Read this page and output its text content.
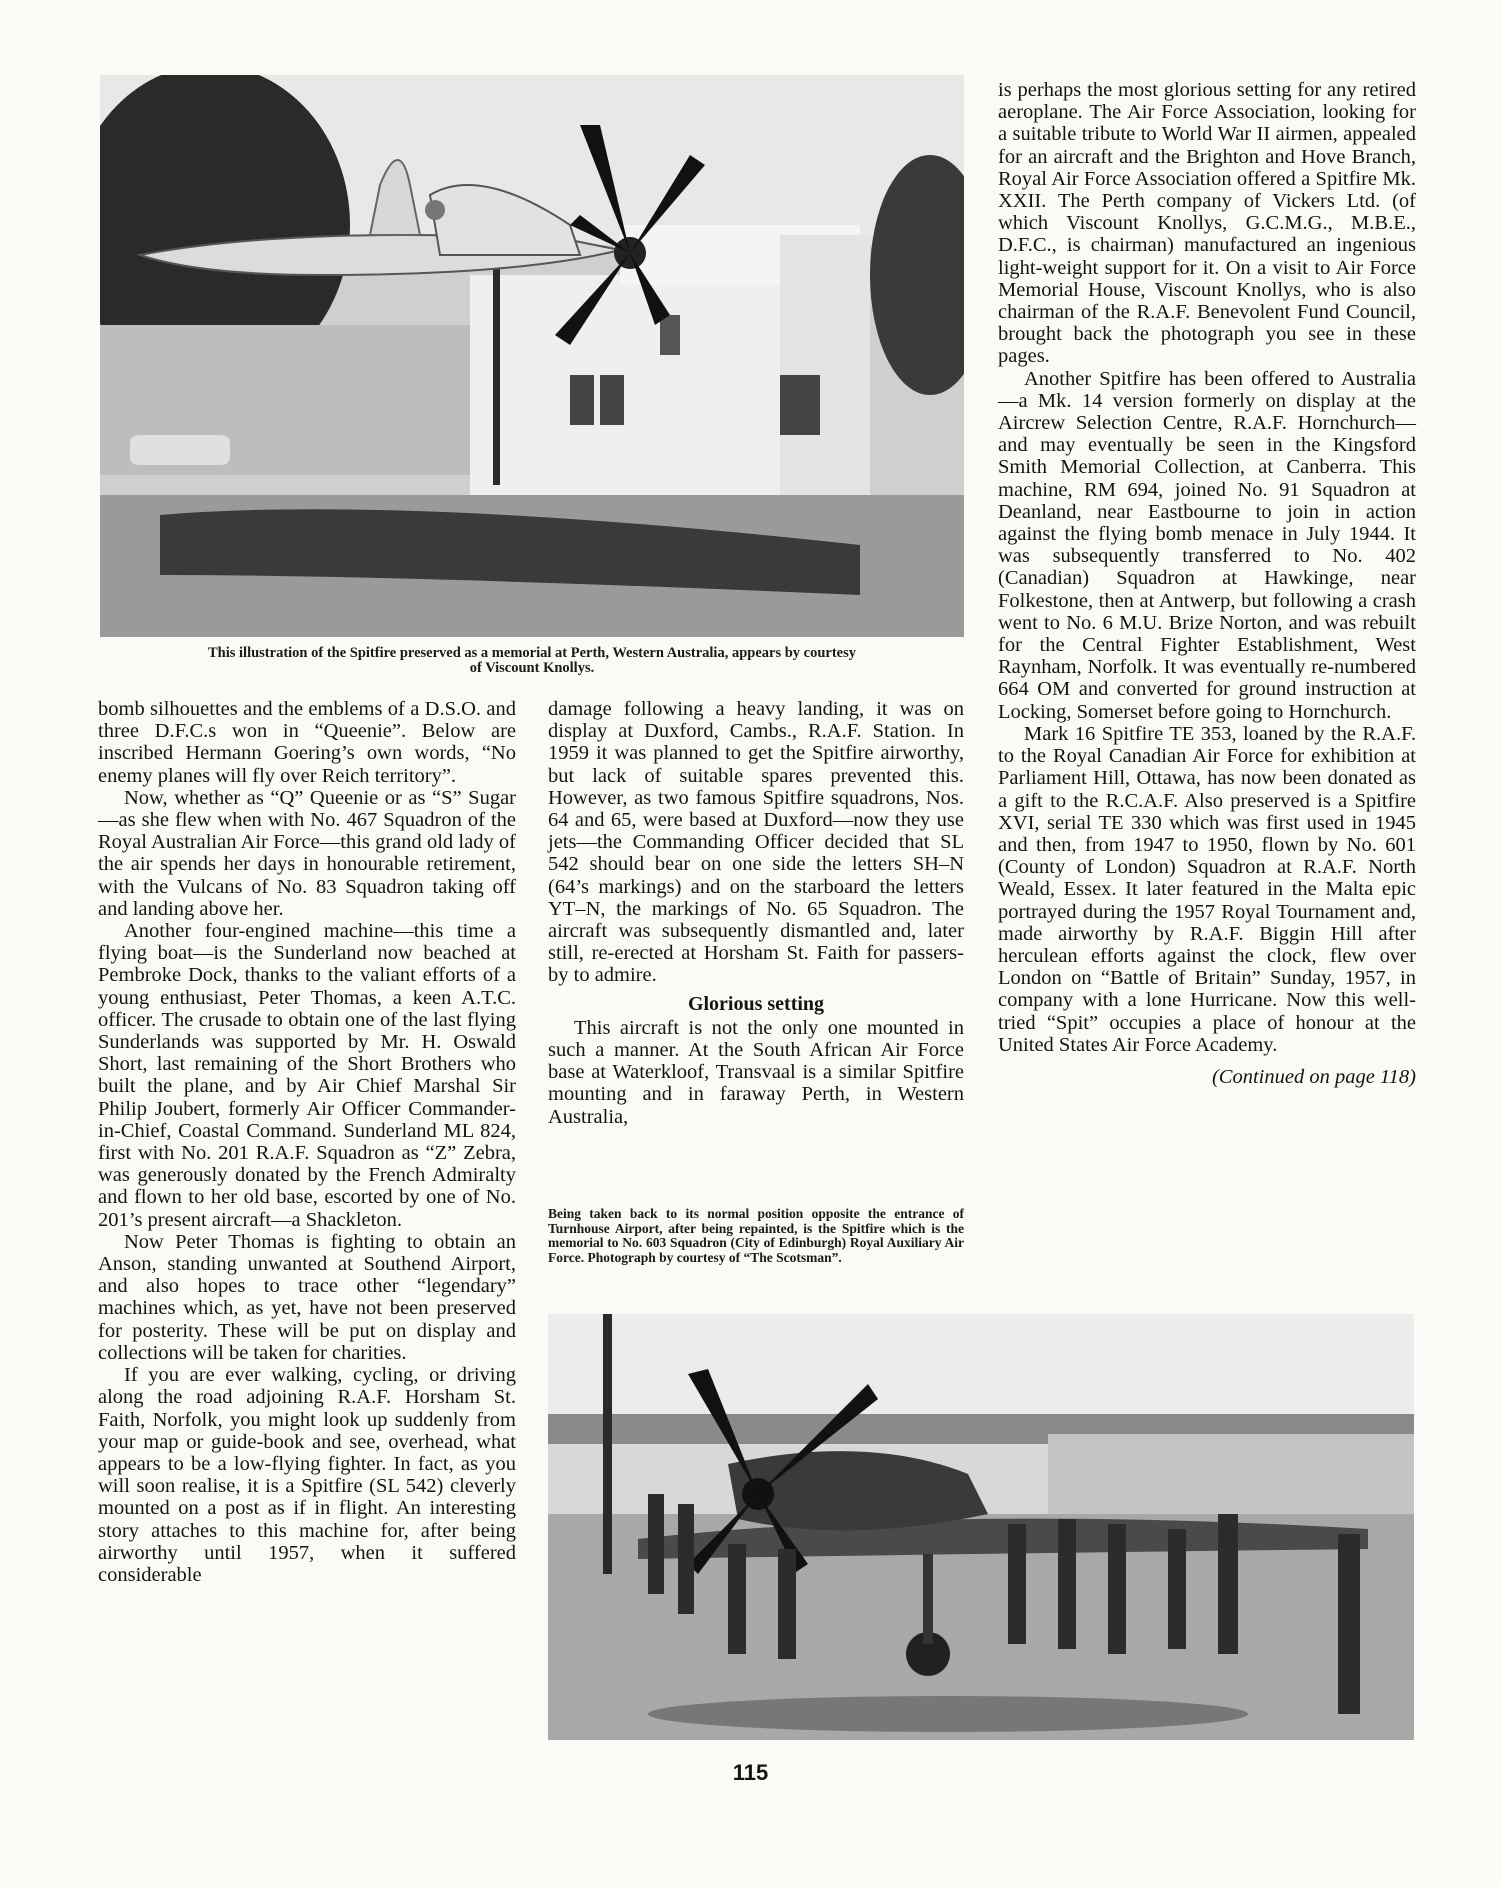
This illustration of the Spitfire preserved as a memorial at Perth, Western Australia, appears by courtesy
of Viscount Knollys.

bomb silhouettes and the emblems of a D.S.O. and three D.F.C.s won in “Queenie”. Below are inscribed Hermann Goering’s own words, “No enemy planes will fly over Reich territory”.

Now, whether as “Q” Queenie or as “S” Sugar—as she flew when with No. 467 Squadron of the Royal Australian Air Force—this grand old lady of the air spends her days in honourable retirement, with the Vulcans of No. 83 Squadron taking off and landing above her.

Another four-engined machine—this time a flying boat—is the Sunderland now beached at Pembroke Dock, thanks to the valiant efforts of a young enthusiast, Peter Thomas, a keen A.T.C. officer. The crusade to obtain one of the last flying Sunderlands was supported by Mr. H. Oswald Short, last remaining of the Short Brothers who built the plane, and by Air Chief Marshal Sir Philip Joubert, formerly Air Officer Commander-in-Chief, Coastal Command. Sunderland ML 824, first with No. 201 R.A.F. Squadron as “Z” Zebra, was generously donated by the French Admiralty and flown to her old base, escorted by one of No. 201’s present aircraft—a Shackleton.

Now Peter Thomas is fighting to obtain an Anson, standing unwanted at Southend Airport, and also hopes to trace other “legendary” machines which, as yet, have not been preserved for posterity. These will be put on display and collections will be taken for charities.

If you are ever walking, cycling, or driving along the road adjoining R.A.F. Horsham St. Faith, Norfolk, you might look up suddenly from your map or guide-book and see, overhead, what appears to be a low-flying fighter. In fact, as you will soon realise, it is a Spitfire (SL 542) cleverly mounted on a post as if in flight. An interesting story attaches to this machine for, after being airworthy until 1957, when it suffered considerable

damage following a heavy landing, it was on display at Duxford, Cambs., R.A.F. Station. In 1959 it was planned to get the Spitfire airworthy, but lack of suitable spares prevented this. However, as two famous Spitfire squadrons, Nos. 64 and 65, were based at Duxford—now they use jets—the Commanding Officer decided that SL 542 should bear on one side the letters SH–N (64’s markings) and on the starboard the letters YT–N, the markings of No. 65 Squadron. The aircraft was subsequently dismantled and, later still, re-erected at Horsham St. Faith for passers-by to admire.

Glorious setting

This aircraft is not the only one mounted in such a manner. At the South African Air Force base at Waterkloof, Transvaal is a similar Spitfire mounting and in faraway Perth, in Western Australia,

Being taken back to its normal position opposite the entrance of Turnhouse Airport, after being repainted, is the Spitfire which is the memorial to No. 603 Squadron (City of Edinburgh) Royal Auxiliary Air Force. Photograph by courtesy of “The Scotsman”.

is perhaps the most glorious setting for any retired aeroplane. The Air Force Association, looking for a suitable tribute to World War II airmen, appealed for an aircraft and the Brighton and Hove Branch, Royal Air Force Association offered a Spitfire Mk. XXII. The Perth company of Vickers Ltd. (of which Viscount Knollys, G.C.M.G., M.B.E., D.F.C., is chairman) manufactured an ingenious light-weight support for it. On a visit to Air Force Memorial House, Viscount Knollys, who is also chairman of the R.A.F. Benevolent Fund Council, brought back the photograph you see in these pages.

Another Spitfire has been offered to Australia—a Mk. 14 version formerly on display at the Aircrew Selection Centre, R.A.F. Hornchurch—and may eventually be seen in the Kingsford Smith Memorial Collection, at Canberra. This machine, RM 694, joined No. 91 Squadron at Deanland, near Eastbourne to join in action against the flying bomb menace in July 1944. It was subsequently transferred to No. 402 (Canadian) Squadron at Hawkinge, near Folkestone, then at Antwerp, but following a crash went to No. 6 M.U. Brize Norton, and was rebuilt for the Central Fighter Establishment, West Raynham, Norfolk. It was eventually re-numbered 664 OM and converted for ground instruction at Locking, Somerset before going to Hornchurch.

Mark 16 Spitfire TE 353, loaned by the R.A.F. to the Royal Canadian Air Force for exhibition at Parliament Hill, Ottawa, has now been donated as a gift to the R.C.A.F. Also preserved is a Spitfire XVI, serial TE 330 which was first used in 1945 and then, from 1947 to 1950, flown by No. 601 (County of London) Squadron at R.A.F. North Weald, Essex. It later featured in the Malta epic portrayed during the 1957 Royal Tournament and, made airworthy by R.A.F. Biggin Hill after herculean efforts against the clock, flew over London on “Battle of Britain” Sunday, 1957, in company with a lone Hurricane. Now this well-tried “Spit” occupies a place of honour at the United States Air Force Academy.

(Continued on page 118)
115
